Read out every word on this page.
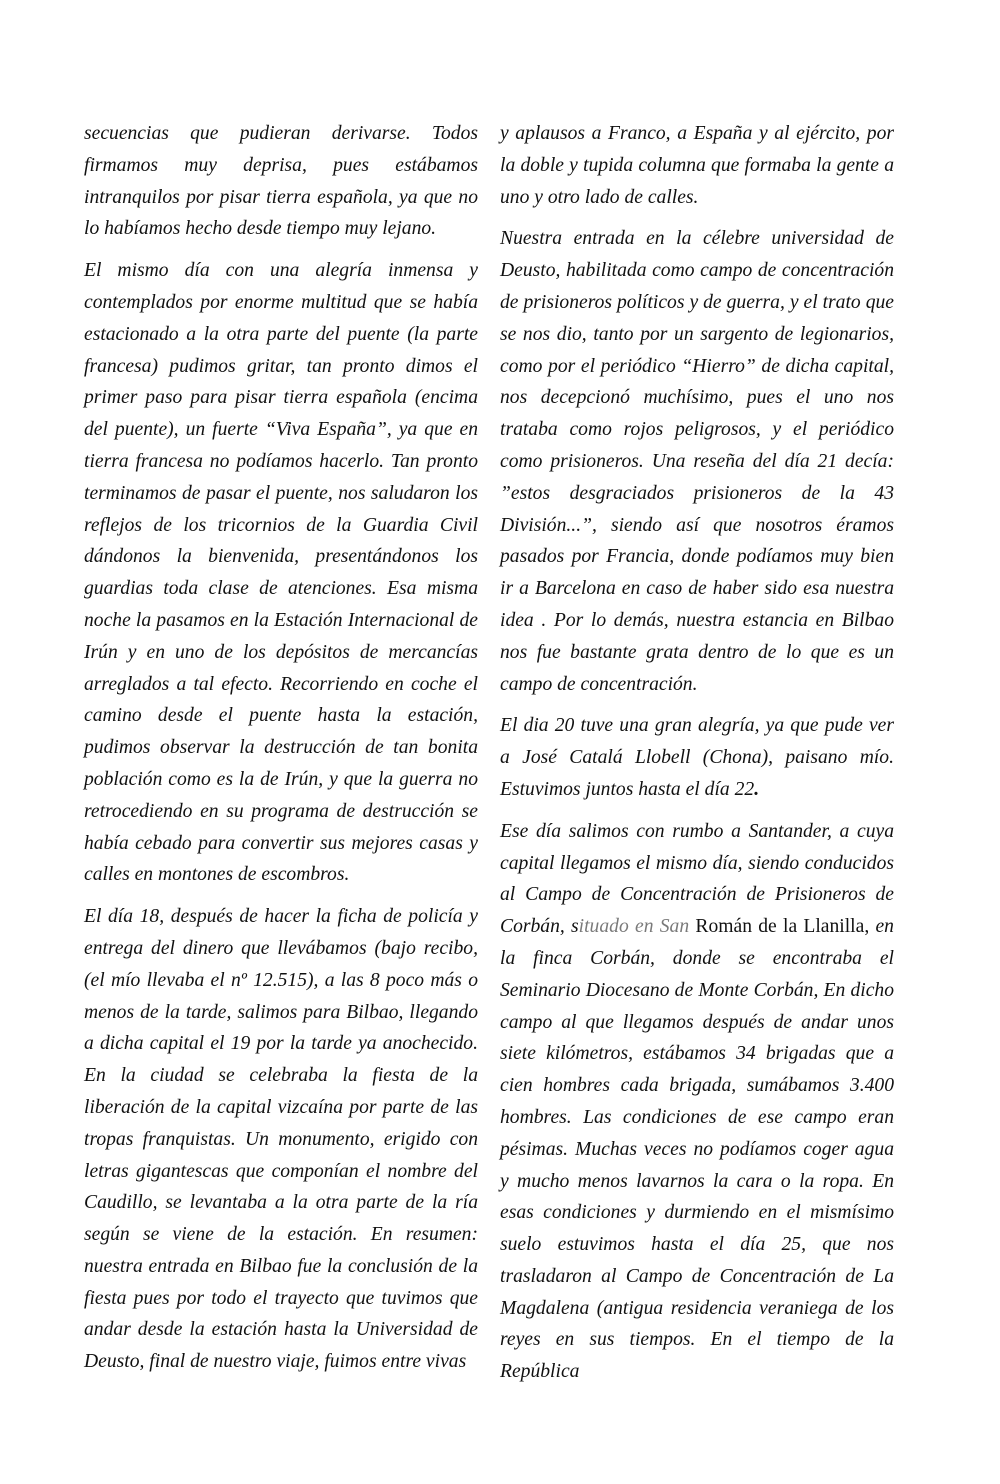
secuencias que pudieran derivarse. Todos firmamos muy deprisa, pues estábamos intranquilos por pisar tierra española, ya que no lo habíamos hecho desde tiempo muy lejano.

El mismo día con una alegría inmensa y contemplados por enorme multitud que se había estacionado a la otra parte del puente (la parte francesa) pudimos gritar, tan pronto dimos el primer paso para pisar tierra española (encima del puente), un fuerte “Viva España”, ya que en tierra francesa no podíamos hacerlo. Tan pronto terminamos de pasar el puente, nos saludaron los reflejos de los tricornios de la Guardia Civil dándonos la bienvenida, presentándonos los guardias toda clase de atenciones. Esa misma noche la pasamos en la Estación Internacional de Irún y en uno de los depósitos de mercancías arreglados a tal efecto. Recorriendo en coche el camino desde el puente hasta la estación, pudimos observar la destrucción de tan bonita población como es la de Irún, y que la guerra no retrocediendo en su programa de destrucción se había cebado para convertir sus mejores casas y calles en montones de escombros.

El día 18, después de hacer la ficha de policía y entrega del dinero que llevábamos (bajo recibo, (el mío llevaba el nº 12.515), a las 8 poco más o menos de la tarde, salimos para Bilbao, llegando a dicha capital el 19 por la tarde ya anochecido. En la ciudad se celebraba la fiesta de la liberación de la capital vizcaína por parte de las tropas franquistas. Un monumento, erigido con letras gigantescas que componían el nombre del Caudillo, se levantaba a la otra parte de la ría según se viene de la estación. En resumen: nuestra entrada en Bilbao fue la conclusión de la fiesta pues por todo el trayecto que tuvimos que andar desde la estación hasta la Universidad de Deusto, final de nuestro viaje, fuimos entre vivas

y aplausos a Franco, a España y al ejército, por la doble y tupida columna que formaba la gente a uno y otro lado de calles.

Nuestra entrada en la célebre universidad de Deusto, habilitada como campo de concentración de prisioneros políticos y de guerra, y el trato que se nos dio, tanto por un sargento de legionarios, como por el periódico “Hierro” de dicha capital, nos decepcionó muchísimo, pues el uno nos trataba como rojos peligrosos, y el periódico como prisioneros. Una reseña del día 21 decía: ”estos desgraciados prisioneros de la 43 División...”, siendo así que nosotros éramos pasados por Francia, donde podíamos muy bien ir a Barcelona en caso de haber sido esa nuestra idea . Por lo demás, nuestra estancia en Bilbao nos fue bastante grata dentro de lo que es un campo de concentración.

El dia 20 tuve una gran alegría, ya que pude ver a José Catalá Llobell (Chona), paisano mío. Estuvimos juntos hasta el día 22.

Ese día salimos con rumbo a Santander, a cuya capital llegamos el mismo día, siendo conducidos al Campo de Concentración de Prisioneros de Corbán, situado en San Román de la Llanilla, en la finca Corbán, donde se encontraba el Seminario Diocesano de Monte Corbán, En dicho campo al que llegamos después de andar unos siete kilómetros, estábamos 34 brigadas que a cien hombres cada brigada, sumábamos 3.400 hombres. Las condiciones de ese campo eran pésimas. Muchas veces no podíamos coger agua y mucho menos lavarnos la cara o la ropa. En esas condiciones y durmiendo en el mismísimo suelo estuvimos hasta el día 25, que nos trasladaron al Campo de Concentración de La Magdalena (antigua residencia veraniega de los reyes en sus tiempos. En el tiempo de la República
